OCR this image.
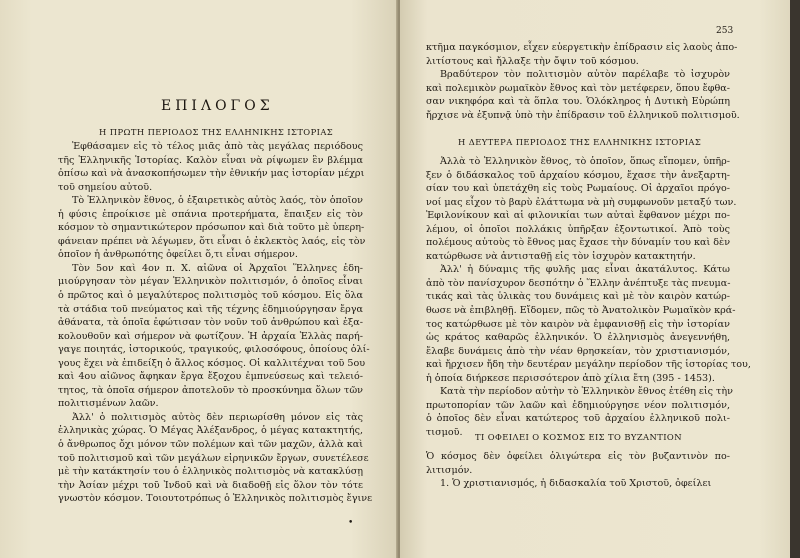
ΕΠΙΛΟΓΟΣ
Η ΠΡΩΤΗ ΠΕΡΙΟΔΟΣ ΤΗΣ ΕΛΛΗΝΙΚΗΣ ΙΣΤΟΡΙΑΣ
Ἐφθάσαμεν εἰς τὸ τέλος μιᾶς ἀπὸ τὰς μεγάλας περιόδους
τῆς Ἑλληνικῆς Ἱστορίας. Καλὸν εἶναι νὰ ρίψωμεν ἓν βλέμμα
ὀπίσω καὶ νὰ ἀνασκοπήσωμεν τὴν ἐθνικήν μας ἱστορίαν μέχρι
τοῦ σημείου αὐτοῦ.
Τὸ Ἑλληνικὸν ἔθνος, ὁ ἐξαιρετικὸς αὐτὸς λαός, τὸν ὁποῖον
ἡ φύσις ἐπροίκισε μὲ σπάνια προτερήματα, ἔπαιξεν εἰς τὸν
κόσμον τὸ σημαντικώτερον πρόσωπον καὶ διὰ τοῦτο μὲ ὑπερη-
φάνειαν πρέπει νὰ λέγωμεν, ὅτι εἶναι ὁ ἐκλεκτὸς λαός, εἰς τὸν
ὁποῖον ἡ ἀνθρωπότης ὀφείλει ὅ,τι εἶναι σήμερον.
Τὸν 5ον καὶ 4ον π. Χ. αἰῶνα οἱ Ἀρχαῖοι Ἕλληνες ἐδη-
μιούργησαν τὸν μέγαν Ἑλληνικὸν πολιτισμόν, ὁ ὁποῖος εἶναι
ὁ πρῶτος καὶ ὁ μεγαλύτερος πολιτισμὸς τοῦ κόσμου. Εἰς ὅλα
τὰ στάδια τοῦ πνεύματος καὶ τῆς τέχνης ἐδημιούργησαν ἔργα
ἀθάνατα, τὰ ὁποῖα ἐφώτισαν τὸν νοῦν τοῦ ἀνθρώπου καὶ ἐξα-
κολουθοῦν καὶ σήμερον νὰ φωτίζουν. Ἡ ἀρχαία Ἑλλὰς παρή-
γαγε ποιητάς, ἱστορικούς, τραγικούς, φιλοσόφους, ὁποίους ὀλί-
γους ἔχει νὰ ἐπιδείξη ὁ ἄλλος κόσμος. Οἱ καλλιτέχναι τοῦ 5ου
καὶ 4ου αἰῶνος ἄφηκαν ἔργα ἔξοχου ἐμπνεύσεως καὶ τελειό-
τητος, τὰ ὁποῖα σήμερον ἀποτελοῦν τὸ προσκύνημα ὅλων τῶν
πολιτισμένων λαῶν.
Ἀλλ' ὁ πολιτισμὸς αὐτὸς δὲν περιωρίσθη μόνον εἰς τὰς
ἑλληνικὰς χώρας. Ὁ Μέγας Ἀλέξανδρος, ὁ μέγας κατακτητής,
ὁ ἄνθρωπος ὄχι μόνον τῶν πολέμων καὶ τῶν μαχῶν, ἀλλὰ καὶ
τοῦ πολιτισμοῦ καὶ τῶν μεγάλων εἰρηνικῶν ἔργων, συνετέλεσε
μὲ τὴν κατάκτησίν του ὁ ἑλληνικὸς πολιτισμὸς νὰ κατακλύσῃ
τὴν Ἀσίαν μέχρι τοῦ Ἰνδοῦ καὶ νὰ διαδοθῇ εἰς ὅλον τὸν τότε
γνωστὸν κόσμον. Τοιουτοτρόπως ὁ Ἑλληνικὸς πολιτισμὸς ἔγινε
•
253
κτῆμα παγκόσμιον, εἶχεν εὐεργετικὴν ἐπίδρασιν εἰς λαοὺς ἀπο-
λιτίστους καὶ ἤλλαξε τὴν ὄψιν τοῦ κόσμου.
Βραδύτερον τὸν πολιτισμὸν αὐτὸν παρέλαβε τὸ ἰσχυρὸν
καὶ πολεμικὸν ρωμαϊκὸν ἔθνος καὶ τὸν μετέφερεν, ὅπου ἔφθα-
σαν νικηφόρα καὶ τὰ ὅπλα του. Ὁλόκληρος ἡ Δυτικὴ Εὐρώπη
ἤρχισε νὰ ἐξυπνᾷ ὑπὸ τὴν ἐπίδρασιν τοῦ ἑλληνικοῦ πολιτισμοῦ.
Η ΔΕΥΤΕΡΑ ΠΕΡΙΟΔΟΣ ΤΗΣ ΕΛΛΗΝΙΚΗΣ ΙΣΤΟΡΙΑΣ
Ἀλλὰ τὸ Ἑλληνικὸν ἔθνος, τὸ ὁποῖον, ὅπως εἴπομεν, ὑπῆρ-
ξεν ὁ διδάσκαλος τοῦ ἀρχαίου κόσμου, ἔχασε τὴν ἀνεξαρτη-
σίαν του καὶ ὑπετάχθη εἰς τοὺς Ρωμαίους. Οἱ ἀρχαῖοι πρόγο-
νοί μας εἶχον τὸ βαρὺ ἐλάττωμα νὰ μὴ συμφωνοῦν μεταξύ των.
Ἐφιλονίκουν καὶ αἱ φιλονικίαι των αὐταὶ ἔφθανον μέχρι πο-
λέμου, οἱ ὁποῖοι πολλάκις ὑπῆρξαν ἐξοντωτικοί. Ἀπὸ τοὺς
πολέμους αὐτοὺς τὸ ἔθνος μας ἔχασε τὴν δύναμίν του καὶ δὲν
κατώρθωσε νὰ ἀντισταθῇ εἰς τὸν ἰσχυρὸν κατακτητήν.
Ἀλλ' ἡ δύναμις τῆς φυλῆς μας εἶναι ἀκατάλυτος. Κάτω
ἀπὸ τὸν πανίσχυρον δεσπότην ὁ Ἕλλην ἀνέπτυξε τὰς πνευμα-
τικάς καὶ τὰς ὑλικὰς του δυνάμεις καὶ μὲ τὸν καιρὸν κατώρ-
θωσε νὰ ἐπιβληθῇ. Εἴδομεν, πῶς τὸ Ἀνατολικὸν Ρωμαϊκὸν κρά-
τος κατώρθωσε μὲ τὸν καιρὸν νὰ ἐμφανισθῇ εἰς τὴν ἱστορίαν
ὡς κράτος καθαρῶς ἑλληνικόν. Ὁ ἑλληνισμὸς ἀνεγεννήθη,
ἔλαβε δυνάμεις ἀπὸ τὴν νέαν θρησκείαν, τὸν χριστιανισμόν,
καὶ ἤρχισεν ἤδη τὴν δευτέραν μεγάλην περίοδον τῆς ἱστορίας του,
ἡ ὁποία διήρκεσε περισσότερον ἀπὸ χίλια ἔτη (395 - 1453).
Κατὰ τὴν περίοδον αὐτὴν τὸ Ἑλληνικὸν ἔθνος ἐτέθη εἰς τὴν
πρωτοπορίαν τῶν λαῶν καὶ ἐδημιούργησε νέον πολιτισμόν,
ὁ ὁποῖος δὲν εἶναι κατώτερος τοῦ ἀρχαίου ἑλληνικοῦ πολι-
τισμοῦ.	ΤΙ ΟΦΕΙΛΕΙ Ο ΚΟΣΜΟΣ ΕΙΣ ΤΟ ΒΥΖΑΝΤΙΟΝ
Ὁ κόσμος δὲν ὀφείλει ὀλιγώτερα εἰς τὸν βυζαντινὸν πο-
λιτισμόν.
1. Ὁ χριστιανισμός, ἡ διδασκαλία τοῦ Χριστοῦ, ὀφείλει
